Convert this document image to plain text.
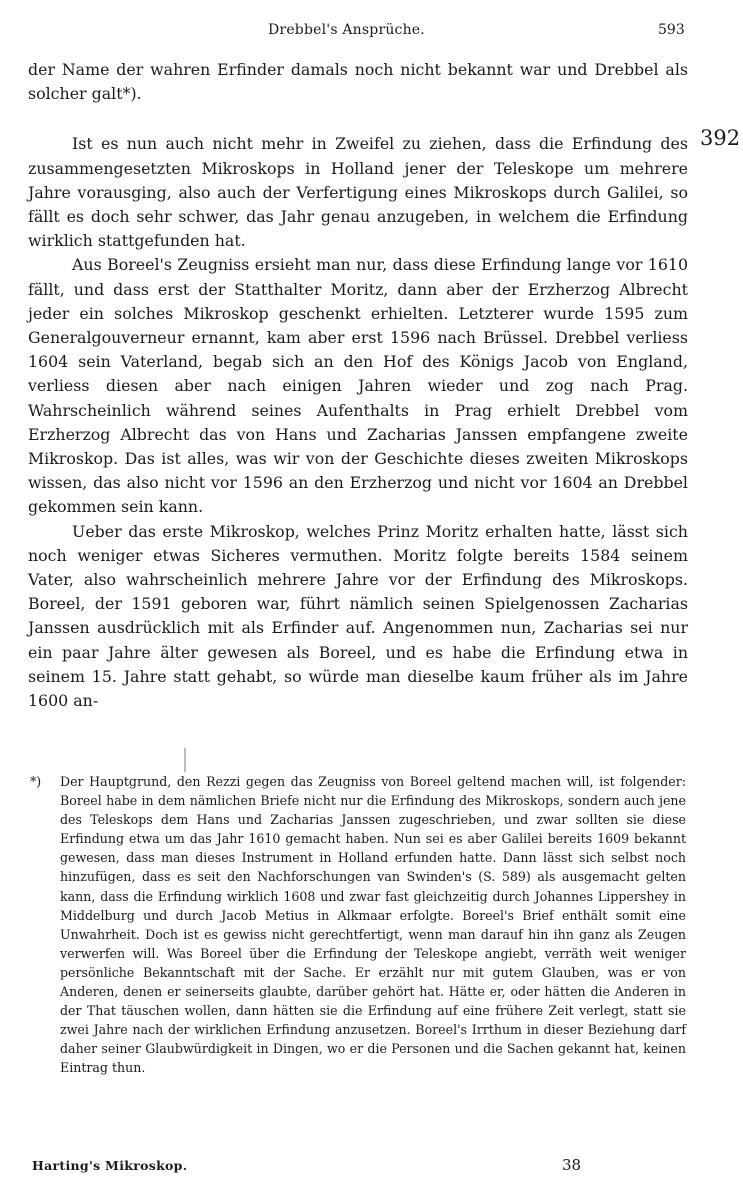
Drebbel's Ansprüche.	593
392

der Name der wahren Erfinder damals noch nicht bekannt war und Drebbel als solcher galt*).

Ist es nun auch nicht mehr in Zweifel zu ziehen, dass die Erfindung des zusammengesetzten Mikroskops in Holland jener der Teleskope um mehrere Jahre vorausging, also auch der Verfertigung eines Mikroskops durch Galilei, so fällt es doch sehr schwer, das Jahr genau anzugeben, in welchem die Erfindung wirklich stattgefunden hat.

Aus Boreel's Zeugniss ersieht man nur, dass diese Erfindung lange vor 1610 fällt, und dass erst der Statthalter Moritz, dann aber der Erzherzog Albrecht jeder ein solches Mikroskop geschenkt erhielten. Letzterer wurde 1595 zum Generalgouverneur ernannt, kam aber erst 1596 nach Brüssel. Drebbel verliess 1604 sein Vaterland, begab sich an den Hof des Königs Jacob von England, verliess diesen aber nach einigen Jahren wieder und zog nach Prag. Wahrscheinlich während seines Aufenthalts in Prag erhielt Drebbel vom Erzherzog Albrecht das von Hans und Zacharias Janssen empfangene zweite Mikroskop. Das ist alles, was wir von der Geschichte dieses zweiten Mikroskops wissen, das also nicht vor 1596 an den Erzherzog und nicht vor 1604 an Drebbel gekommen sein kann.

Ueber das erste Mikroskop, welches Prinz Moritz erhalten hatte, lässt sich noch weniger etwas Sicheres vermuthen. Moritz folgte bereits 1584 seinem Vater, also wahrscheinlich mehrere Jahre vor der Erfindung des Mikroskops. Boreel, der 1591 geboren war, führt nämlich seinen Spielgenossen Zacharias Janssen ausdrücklich mit als Erfinder auf. Angenommen nun, Zacharias sei nur ein paar Jahre älter gewesen als Boreel, und es habe die Erfindung etwa in seinem 15. Jahre statt gehabt, so würde man dieselbe kaum früher als im Jahre 1600 an-

*) Der Hauptgrund, den Rezzi gegen das Zeugniss von Boreel geltend machen will, ist folgender: Boreel habe in dem nämlichen Briefe nicht nur die Erfindung des Mikroskops, sondern auch jene des Teleskops dem Hans und Zacharias Janssen zugeschrieben, und zwar sollten sie diese Erfindung etwa um das Jahr 1610 gemacht haben. Nun sei es aber Galilei bereits 1609 bekannt gewesen, dass man dieses Instrument in Holland erfunden hatte. Dann lässt sich selbst noch hinzufügen, dass es seit den Nachforschungen van Swinden's (S. 589) als ausgemacht gelten kann, dass die Erfindung wirklich 1608 und zwar fast gleichzeitig durch Johannes Lippershey in Middelburg und durch Jacob Metius in Alkmaar erfolgte. Boreel's Brief enthält somit eine Unwahrheit. Doch ist es gewiss nicht gerechtfertigt, wenn man darauf hin ihn ganz als Zeugen verwerfen will. Was Boreel über die Erfindung der Teleskope angiebt, verräth weit weniger persönliche Bekanntschaft mit der Sache. Er erzählt nur mit gutem Glauben, was er von Anderen, denen er seinerseits glaubte, darüber gehört hat. Hätte er, oder hätten die Anderen in der That täuschen wollen, dann hätten sie die Erfindung auf eine frühere Zeit verlegt, statt sie zwei Jahre nach der wirklichen Erfindung anzusetzen. Boreel's Irrthum in dieser Beziehung darf daher seiner Glaubwürdigkeit in Dingen, wo er die Personen und die Sachen gekannt hat, keinen Eintrag thun.

Harting's Mikroskop.	38
